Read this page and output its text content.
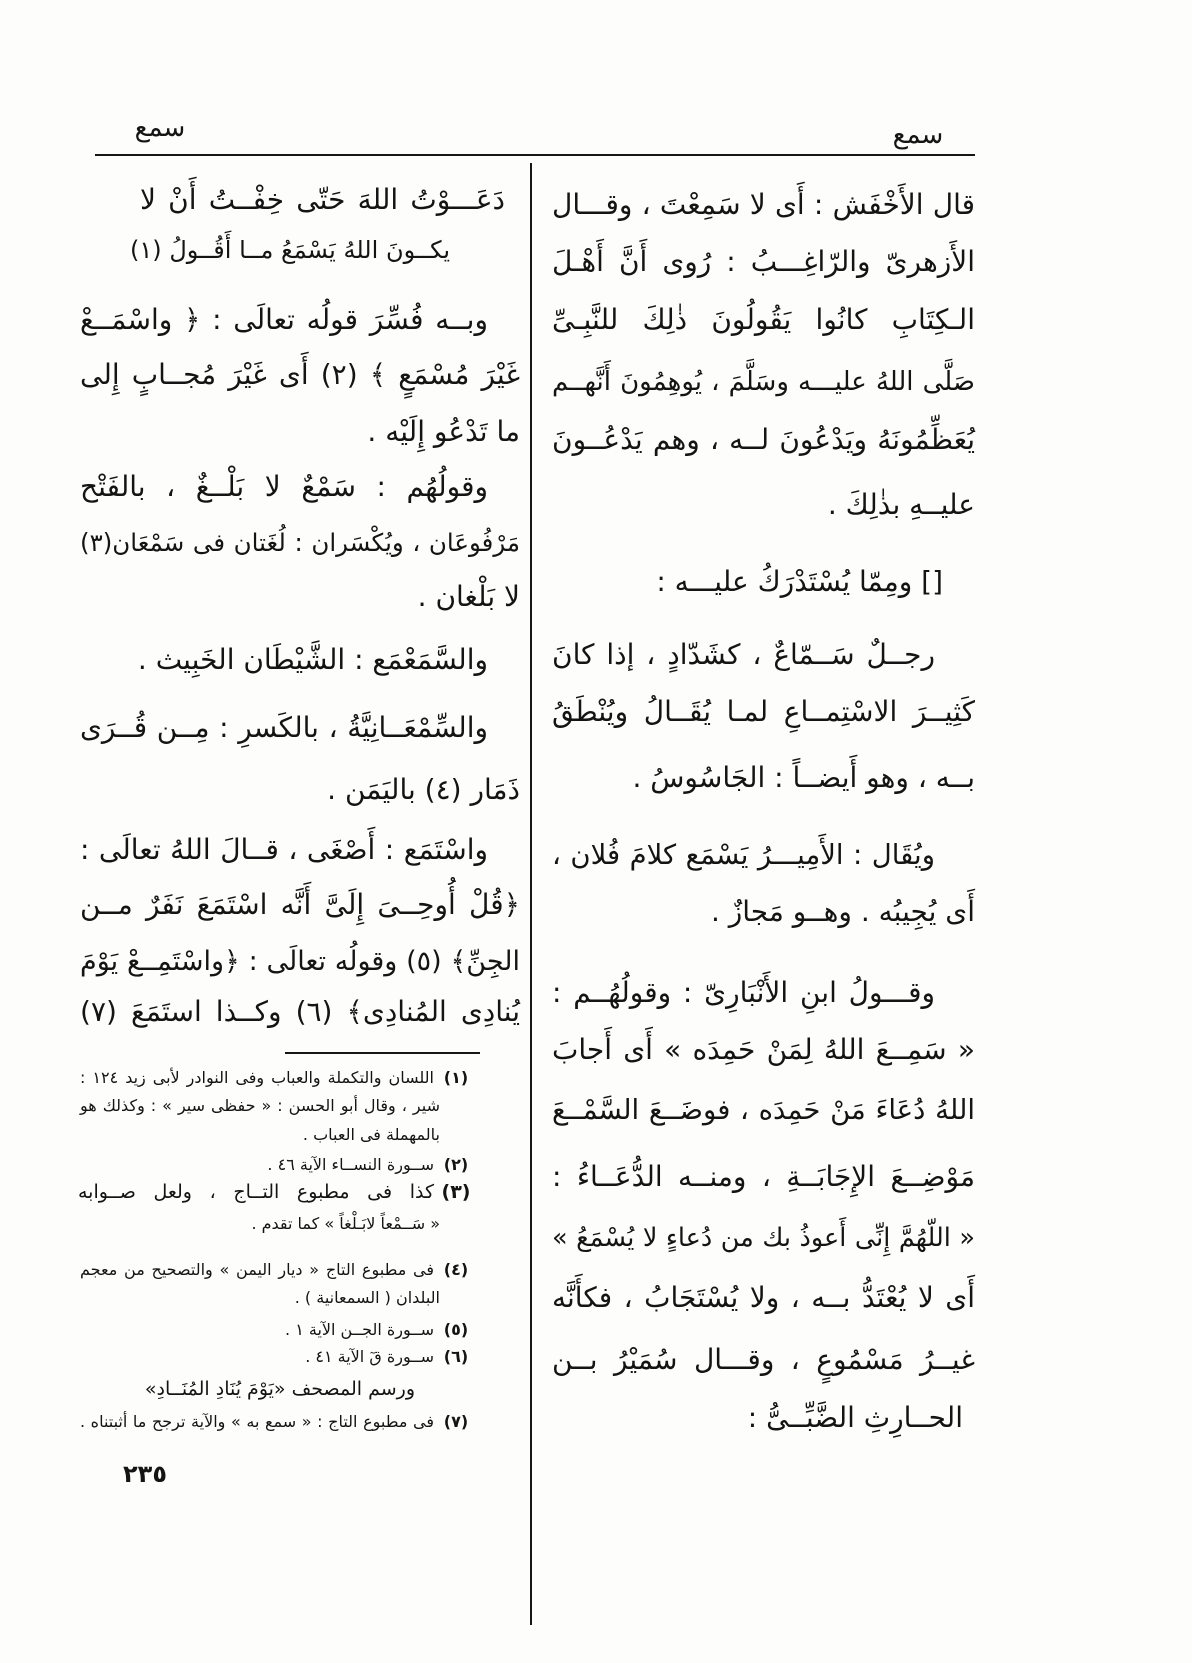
سمع	سمع
قال الأَخْفَش : أَى لا سَمِعْتَ ، وقـــال
الأَزهرىّ والرّاغِـــبُ : رُوى أَنَّ أَهْـلَ
الـكِتَابِ كانُوا يَقُولُونَ ذٰلِكَ للنَّبِـىِّ
صَلَّى اللهُ عليـــه وسَلَّمَ ، يُوهِمُونَ أَنَّهــم
يُعَظِّمُونَهُ ويَدْعُونَ لــه ، وهم يَدْعُــونَ
عليــهِ بذٰلِكَ .
[] ومِمّا يُسْتَدْرَكُ عليـــه :
رجــلٌ سَــمّاعٌ ، كشَدّادٍ ، إذا كانَ
كَثِيــرَ الاسْتِمــاعِ لمـا يُقَــالُ ويُنْطَقُ
بــه ، وهو أَيضــاً : الجَاسُوسُ .
ويُقَال : الأَمِيـــرُ يَسْمَع كلامَ فُلان ،
أَى يُجِيبُه . وهــو مَجازٌ .
وقـــولُ ابنِ الأَنْبَارِىّ : وقولُهُــم :
« سَمِــعَ اللهُ لِمَنْ حَمِدَه » أَى أَجابَ
اللهُ دُعَاءَ مَنْ حَمِدَه ، فوضَــعَ السَّمْــعَ
مَوْضِــعَ الإِجَابَــةِ ، ومنــه الدُّعَــاءُ :
« اللّهُمَّ إِنِّى أَعوذُ بك من دُعاءٍ لا يُسْمَعُ »
أَى لا يُعْتَدُّ بــه ، ولا يُسْتَجَابُ ، فكأَنَّه
غيــرُ مَسْمُوعٍ ، وقـــال سُمَيْرُ بــن
الحــارِثِ الضَّبِّــىُّ :
دَعَـــوْتُ اللهَ حَتّى خِفْــتُ أَنْ لا
يكــونَ اللهُ يَسْمَعُ مــا أَقُــولُ (١)
وبــه فُسِّرَ قولُه تعالَى : ﴿ واسْمَــعْ
غَيْرَ مُسْمَعٍ ﴾ (٢) أَى غَيْرَ مُجــابٍ إِلى
ما تَدْعُو إِلَيْه .
وقولُهُم : سَمْعٌ لا بَلْــغٌ ، بالفَتْح
مَرْفُوعَان ، ويُكْسَران : لُغَتان فى سَمْعَان(٣)
لا بَلْغان .
والسَّمَعْمَع : الشَّيْطَان الخَبِيث .
والسِّمْعَــانِيَّةُ ، بالكَسرِ : مِــن قُــرَى
ذَمَار (٤) باليَمَن .
واسْتَمَع : أَصْغَى ، قــالَ اللهُ تعالَى :
﴿قُلْ أُوحِــىَ إِلَىَّ أَنَّه اسْتَمَعَ نَفَرٌ مــن
الجِنِّ﴾ (٥) وقولُه تعالَى : ﴿واسْتَمِــعْ يَوْمَ
يُنادِى المُنادِى﴾ (٦) وكــذا استَمَعَ (٧)
(١)
اللسان والتكملة والعباب وفى النوادر لأبى زيد ١٢٤ :
شير ، وقال أبو الحسن : « حفظى سير » : وكذلك هو
بالمهملة فى العباب .
(٢)
ســورة النســاء الآية ٤٦ .
(٣)
كذا فى مطبوع التــاج ، ولعل صــوابه
« سَــمْعاً لابَـلْغاً » كما تقدم .
(٤)
فى مطبوع التاج « ديار اليمن » والتصحيح من معجم
البلدان ( السمعانية ) .
(٥)
ســورة الجــن الآية ١ .
(٦)
ســورة قٓ الآية ٤١ .
ورسم المصحف «يَوْمَ يُنَادِ المُنَــادِ»
(٧)
فى مطبوع التاج : « سمع به » والآية ترجح ما أثبتناه .
٢٣٥
